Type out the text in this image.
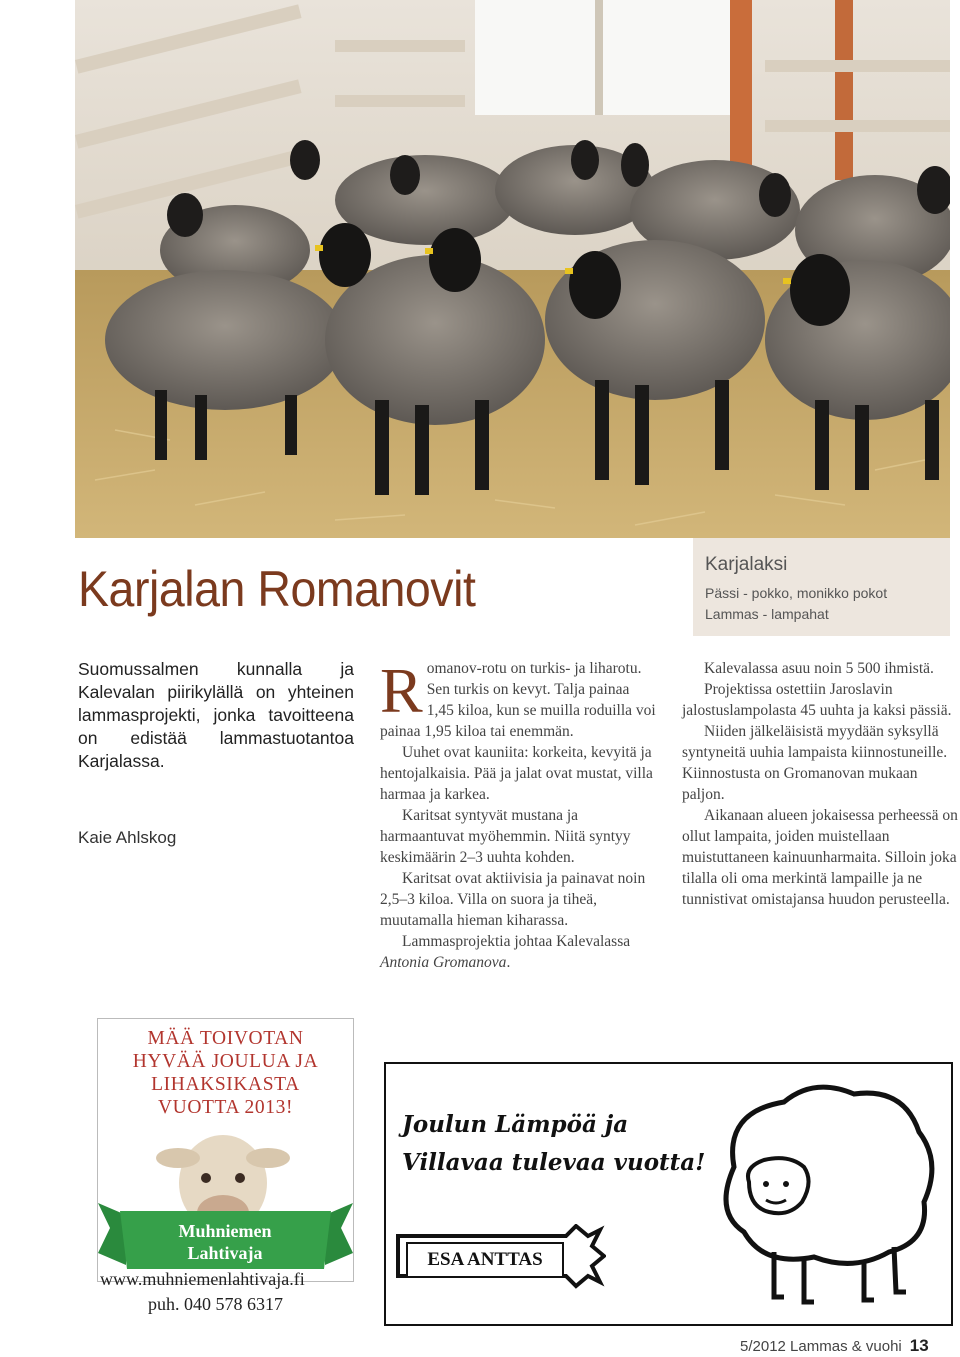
Karjalan Romanovit	Karjalaksi
Pässi - pokko, monikko pokot
Lammas - lampahat
Suomussalmen kunnalla ja Kalevalan piirikylällä on yhteinen lammasprojekti, jonka tavoitteena on edistää lammastuotantoa Karjalassa.
Kaie Ahlskog

Romanov-rotu on turkis- ja liharotu. Sen turkis on kevyt. Talja painaa 1,45 kiloa, kun se muilla roduilla voi painaa 1,95 kiloa tai enemmän.

Uuhet ovat kauniita: korkeita, kevyitä ja hentojalkaisia. Pää ja jalat ovat mustat, villa harmaa ja karkea.

Karitsat syntyvät mustana ja harmaantuvat myöhemmin. Niitä syntyy keskimäärin 2–3 uuhta kohden.

Karitsat ovat aktiivisia ja painavat noin 2,5–3 kiloa. Villa on suora ja tiheä, muutamalla hieman kiharassa.

Lammasprojektia johtaa Kalevalassa Antonia Gromanova.

Kalevalassa asuu noin 5 500 ihmistä.

Projektissa ostettiin Jaroslavin jalostuslampolasta 45 uuhta ja kaksi pässiä.

Niiden jälkeläisistä myydään syksyllä syntyneitä uuhia lampaista kiinnostuneille. Kiinnostusta on Gromanovan mukaan paljon.

Aikanaan alueen jokaisessa perheessä on ollut lampaita, joiden muistellaan muistuttaneen kainuunharmaita. Silloin joka tilalla oli oma merkintä lampaille ja ne tunnistivat omistajansa huudon perusteella.

MÄÄ TOIVOTAN
HYVÄÄ JOULUA JA
LIHAKSIKASTA
VUOTTA 2013!
Muhniemen
Lahtivaja
www.muhniemenlahtivaja.fi
puh. 040 578 6317
Joulun Lämpöä ja
Villavaa tulevaa vuotta!
ESA ANTTAS
5/2012 Lammas & vuohi 13
